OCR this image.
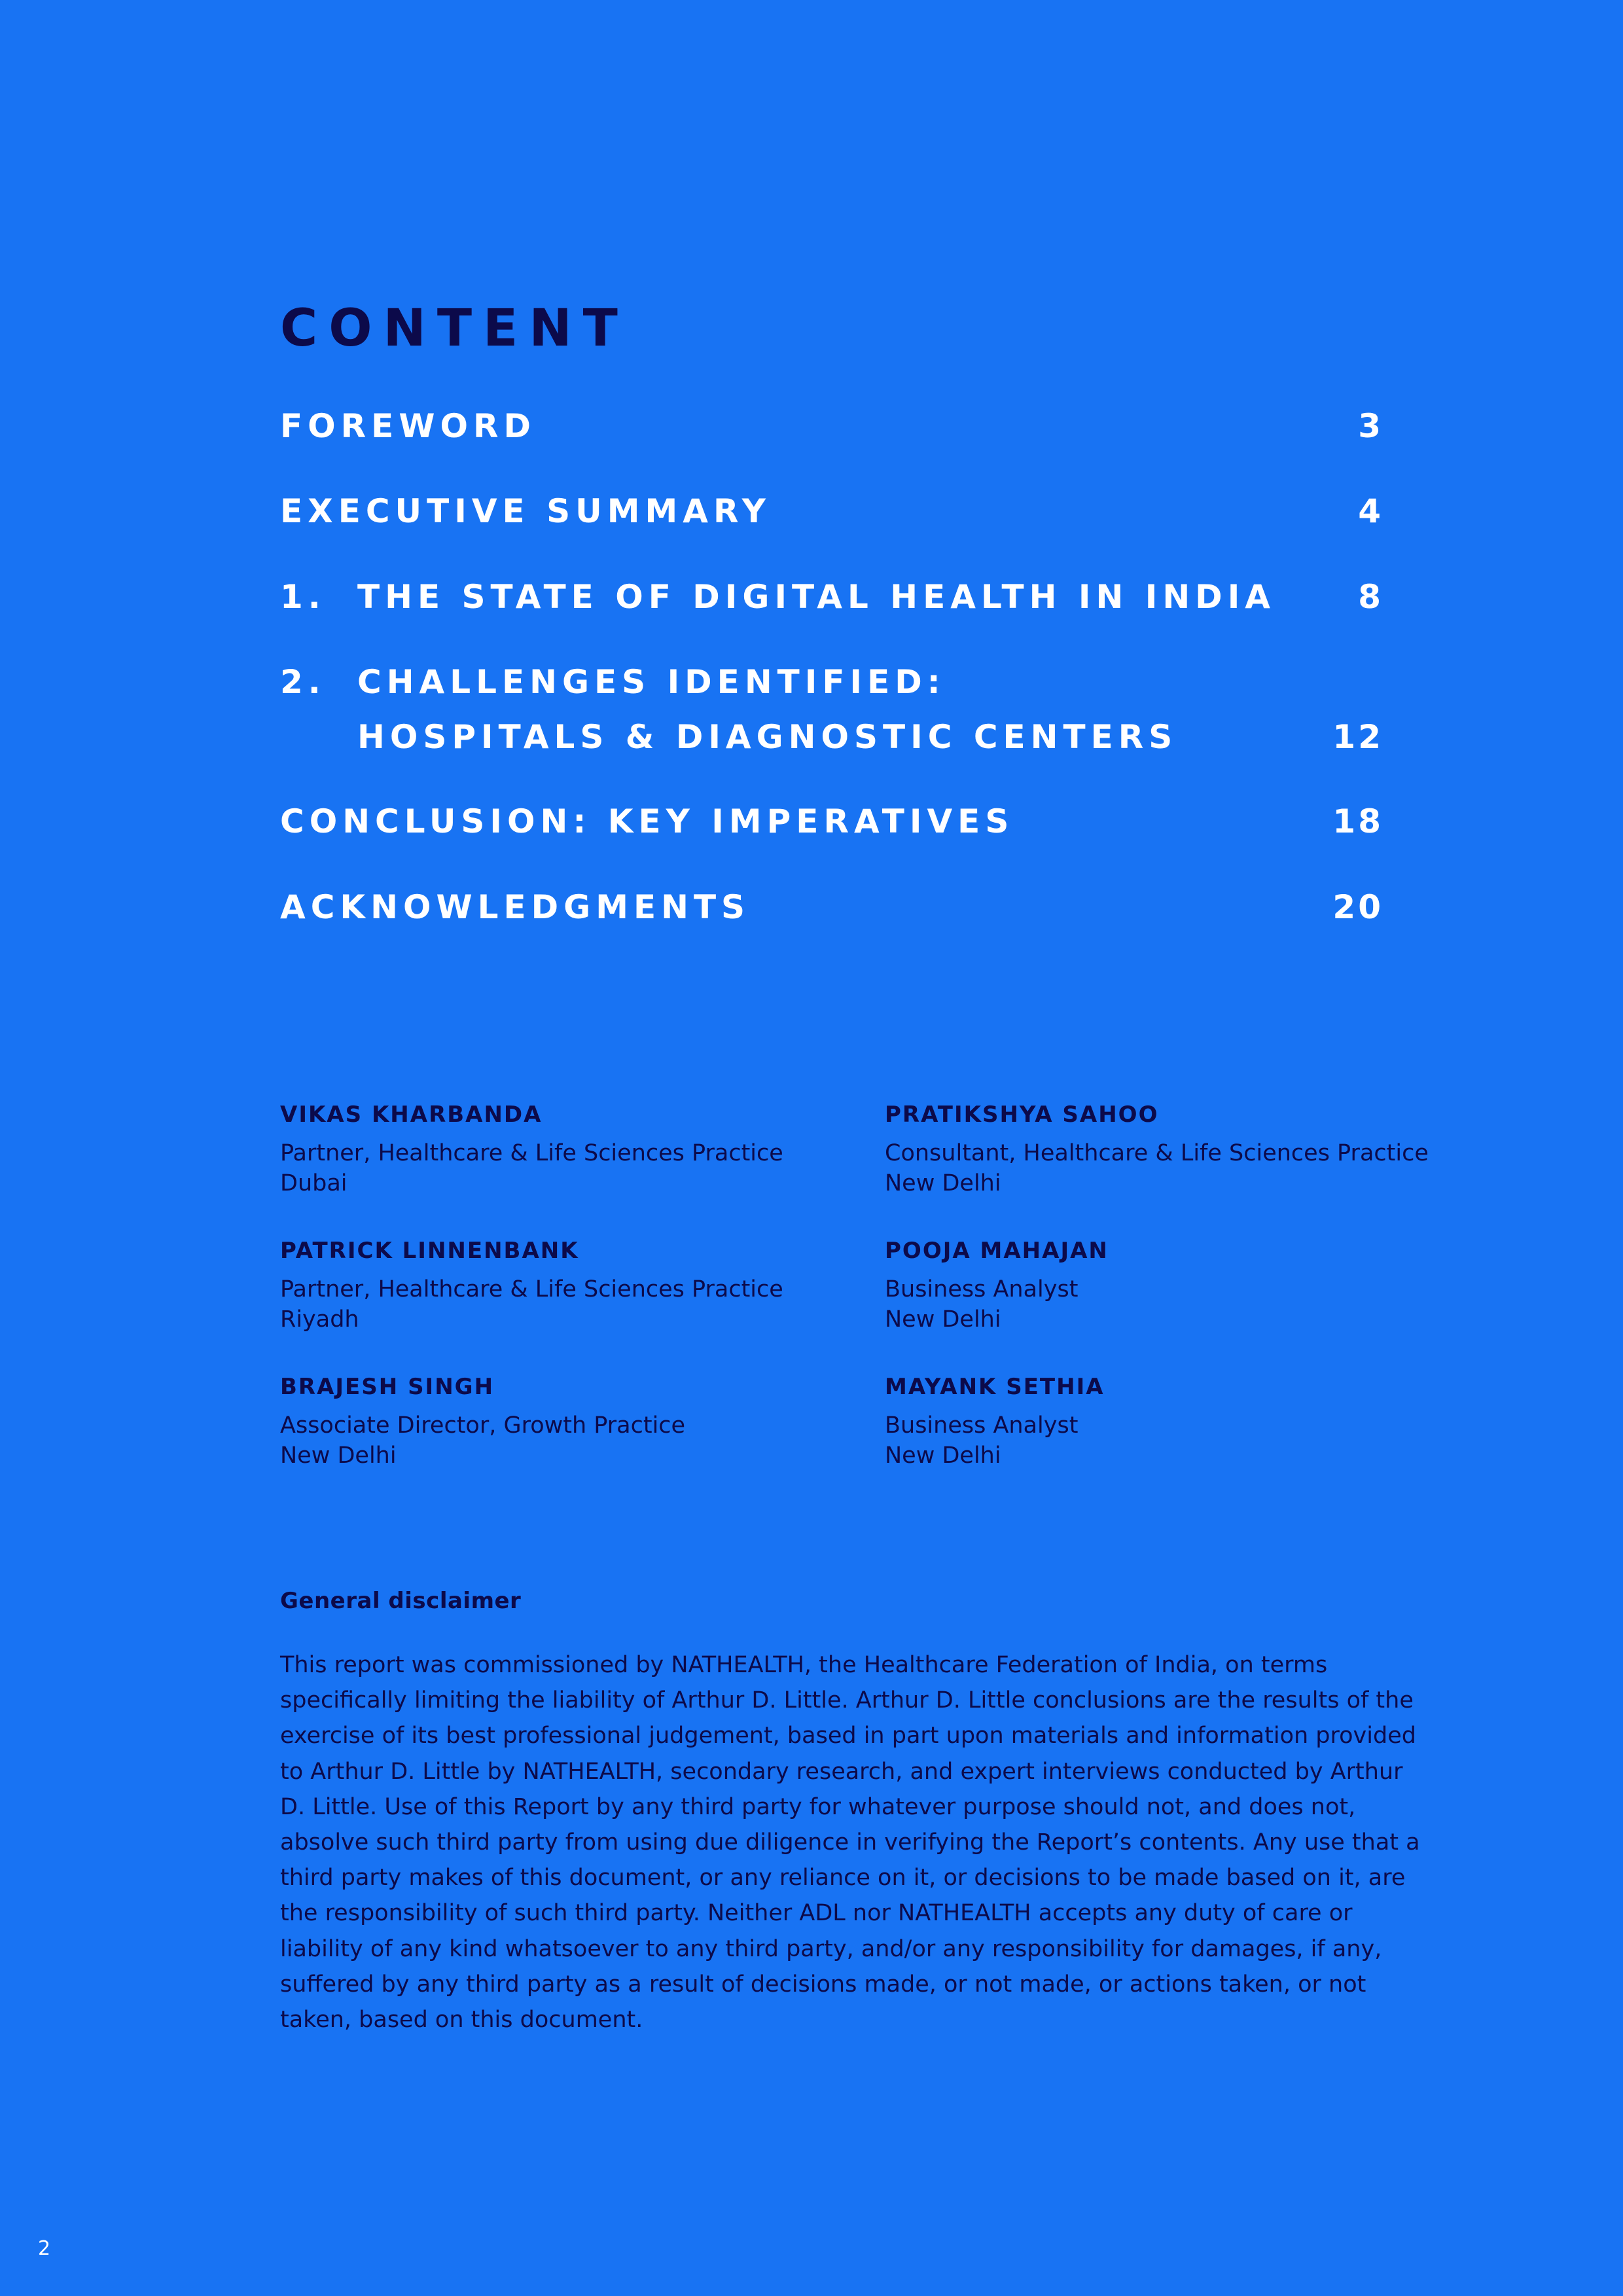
CONTENT
FOREWORD	3
EXECUTIVE SUMMARY	4
1. THE STATE OF DIGITAL HEALTH IN INDIA	8
2. CHALLENGES IDENTIFIED:
HOSPITALS & DIAGNOSTIC CENTERS	12
CONCLUSION: KEY IMPERATIVES	18
ACKNOWLEDGMENTS	20
VIKAS KHARBANDA
Partner, Healthcare & Life Sciences Practice
Dubai
PRATIKSHYA SAHOO
Consultant, Healthcare & Life Sciences Practice
New Delhi
PATRICK LINNENBANK
Partner, Healthcare & Life Sciences Practice
Riyadh
POOJA MAHAJAN
Business Analyst
New Delhi
BRAJESH SINGH
Associate Director, Growth Practice
New Delhi
MAYANK SETHIA
Business Analyst
New Delhi
General disclaimer

This report was commissioned by NATHEALTH, the Healthcare Federation of India, on terms specifically limiting the liability of Arthur D. Little. Arthur D. Little conclusions are the results of the exercise of its best professional judgement, based in part upon materials and information provided to Arthur D. Little by NATHEALTH, secondary research, and expert interviews conducted by Arthur D. Little. Use of this Report by any third party for whatever purpose should not, and does not, absolve such third party from using due diligence in verifying the Report’s contents. Any use that a third party makes of this document, or any reliance on it, or decisions to be made based on it, are the responsibility of such third party. Neither ADL nor NATHEALTH accepts any duty of care or liability of any kind whatsoever to any third party, and/or any responsibility for damages, if any, suffered by any third party as a result of decisions made, or not made, or actions taken, or not taken, based on this document.

2
